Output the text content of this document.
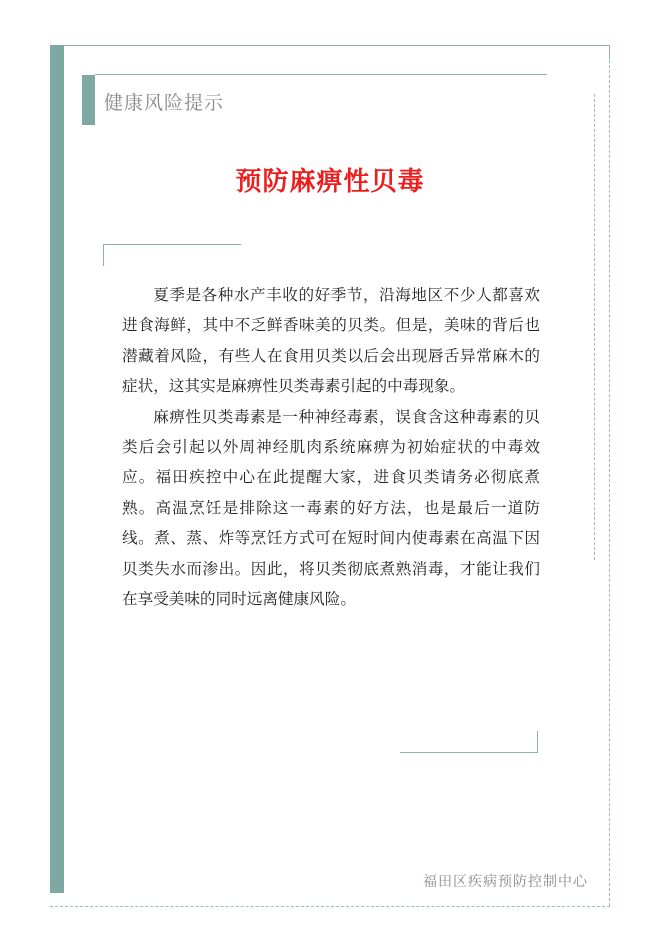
健康风险提示
预防麻痹性贝毒

夏季是各种水产丰收的好季节，沿海地区不少人都喜欢进食海鲜，其中不乏鲜香味美的贝类。但是，美味的背后也潜藏着风险，有些人在食用贝类以后会出现唇舌异常麻木的症状，这其实是麻痹性贝类毒素引起的中毒现象。

麻痹性贝类毒素是一种神经毒素，误食含这种毒素的贝类后会引起以外周神经肌肉系统麻痹为初始症状的中毒效应。福田疾控中心在此提醒大家，进食贝类请务必彻底煮熟。高温烹饪是排除这一毒素的好方法，也是最后一道防线。煮、蒸、炸等烹饪方式可在短时间内使毒素在高温下因贝类失水而渗出。因此，将贝类彻底煮熟消毒，才能让我们在享受美味的同时远离健康风险。

福田区疾病预防控制中心
